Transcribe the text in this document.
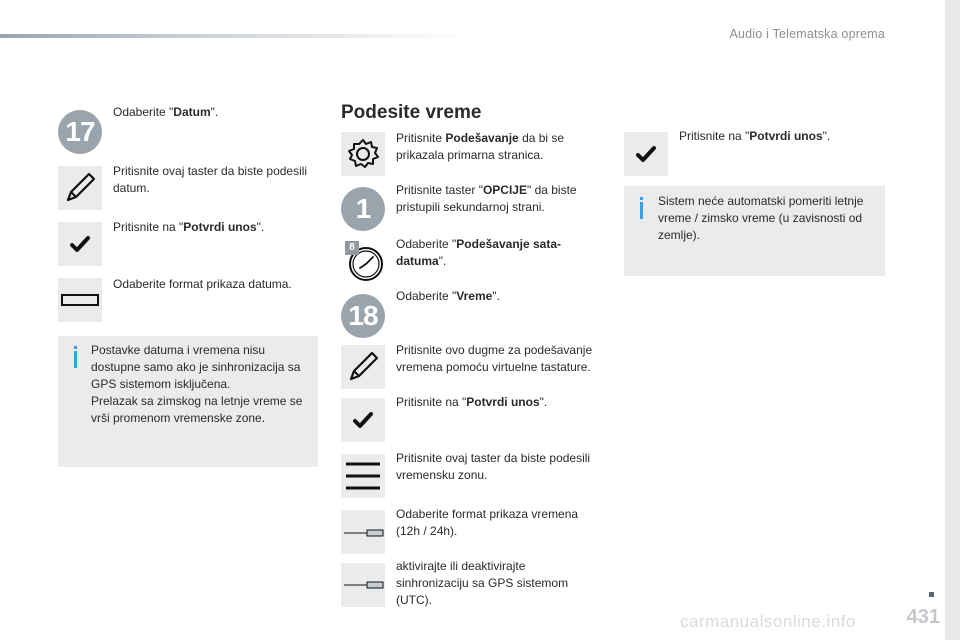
Audio i Telematska oprema
431
carmanualsonline.info
17
Odaberite "Datum".
Pritisnite ovaj taster da biste podesili datum.
Pritisnite na "Potvrdi unos".
Odaberite format prikaza datuma.
Postavke datuma i vremena nisu dostupne samo ako je sinhronizacija sa GPS sistemom isključena.
Prelazak sa zimskog na letnje vreme se vrši promenom vremenske zone.
Podesite vreme
Pritisnite Podešavanje da bi se prikazala primarna stranica.
1
Pritisnite taster "OPCIJE" da biste pristupili sekundarnoj strani.
8	Odaberite "Podešavanje sata-datuma".
18
Odaberite "Vreme".
Pritisnite ovo dugme za podešavanje vremena pomoću virtuelne tastature.
Pritisnite na "Potvrdi unos".
Pritisnite ovaj taster da biste podesili vremensku zonu.
Odaberite format prikaza vremena (12h / 24h).
aktivirajte ili deaktivirajte sinhronizaciju sa GPS sistemom (UTC).
Pritisnite na "Potvrdi unos".
Sistem neće automatski pomeriti letnje vreme / zimsko vreme (u zavisnosti od zemlje).
